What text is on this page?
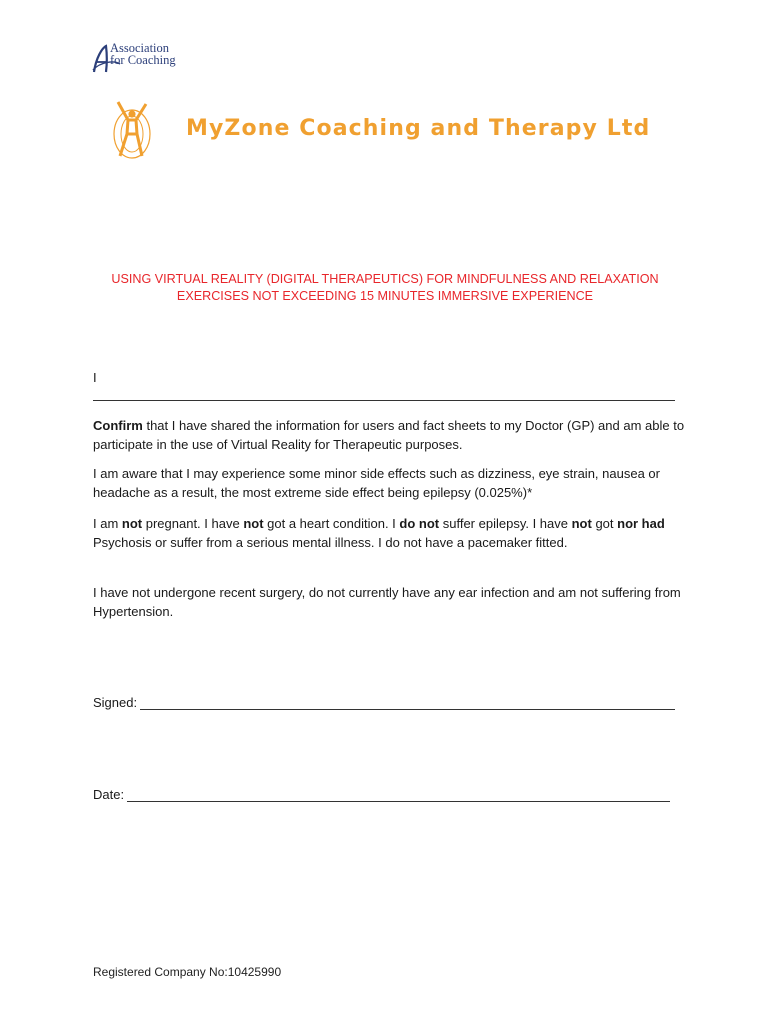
Association
for Coaching
MyZone Coaching and Therapy Ltd
USING VIRTUAL REALITY (DIGITAL THERAPEUTICS) FOR MINDFULNESS AND RELAXATION
EXERCISES NOT EXCEEDING 15 MINUTES IMMERSIVE EXPERIENCE
I
Confirm that I have shared the information for users and fact sheets to my Doctor (GP) and am able to participate in the use of Virtual Reality for Therapeutic purposes.
I am aware that I may experience some minor side effects such as dizziness, eye strain, nausea or headache as a result, the most extreme side effect being epilepsy (0.025%)*
I am not pregnant. I have not got a heart condition. I do not suffer epilepsy. I have not got nor had Psychosis or suffer from a serious mental illness. I do not have a pacemaker fitted.
I have not undergone recent surgery, do not currently have any ear infection and am not suffering from Hypertension.
Signed:
Date:
Registered Company No:10425990
